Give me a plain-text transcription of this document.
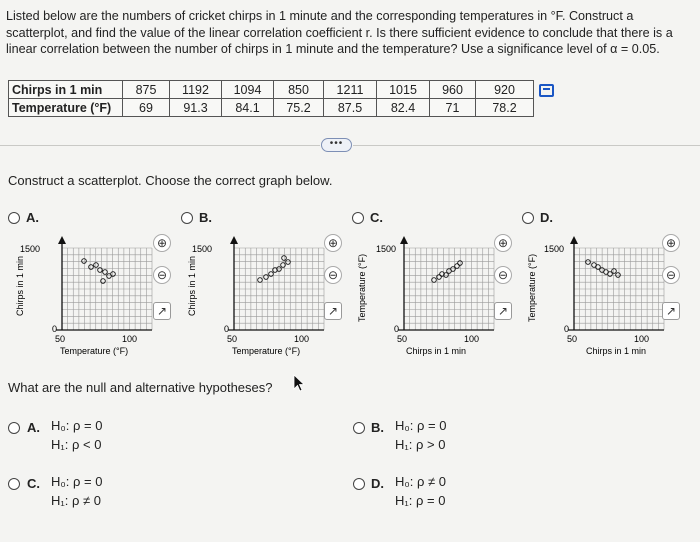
Listed below are the numbers of cricket chirps in 1 minute and the corresponding temperatures in °F. Construct a scatterplot, and find the value of the linear correlation coefficient r. Is there sufficient evidence to conclude that there is a linear correlation between the number of chirps in 1 minute and the temperature? Use a significance level of α = 0.05.
Chirps in 1 min	875	1192	1094	850	1211	1015	960	920
Temperature (°F)	69	91.3	84.1	75.2	87.5	82.4	71	78.2
•••
Construct a scatterplot. Choose the correct graph below.
A.	B.	C.	D.
1500
0
50	100
Temperature (°F)
Chirps in 1 min
⊕
⊖
↗
1500
0
50	100
Temperature (°F)
Chirps in 1 min
⊕
⊖
↗
1500
0
50	100
Chirps in 1 min
Temperature (°F)
⊕
⊖
↗
1500
0
50	100
Chirps in 1 min
Temperature (°F)
⊕
⊖
↗
What are the null and alternative hypotheses?
A. H₀: ρ = 0
H₁: ρ < 0
B. H₀: ρ = 0
H₁: ρ > 0
C. H₀: ρ = 0
H₁: ρ ≠ 0
D. H₀: ρ ≠ 0
H₁: ρ = 0
